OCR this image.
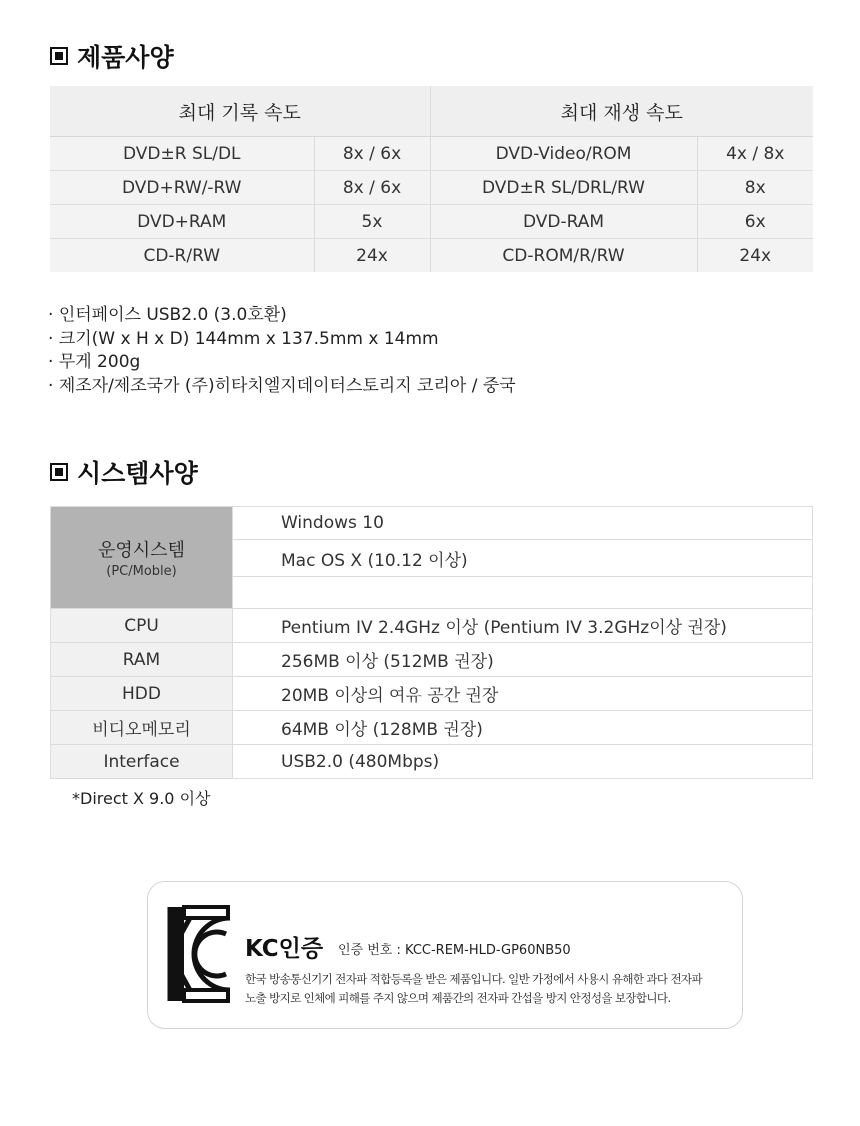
제품사양
최대 기록 속도		최대 재생 속도	
DVD±R SL/DL	8x / 6x	DVD-Video/ROM	4x / 8x
DVD+RW/-RW	8x / 6x	DVD±R SL/DRL/RW	8x
DVD+RAM	5x	DVD-RAM	6x
CD-R/RW	24x	CD-ROM/R/RW	24x
· 인터페이스 USB2.0 (3.0호환)
· 크기(W x H x D) 144mm x 137.5mm x 14mm
· 무게 200g
· 제조자/제조국가 (주)히타치엘지데이터스토리지 코리아 / 중국
시스템사양
운영시스템
(PC/Moble)	Windows 10
	Mac OS X (10.12 이상)

CPU	Pentium IV 2.4GHz 이상 (Pentium IV 3.2GHz이상 권장)
RAM	256MB 이상 (512MB 권장)
HDD	20MB 이상의 여유 공간 권장
비디오메모리	64MB 이상 (128MB 권장)
Interface	USB2.0 (480Mbps)
*Direct X 9.0 이상
KC인증 인증 번호 : KCC-REM-HLD-GP60NB50
한국 방송통신기기 전자파 적합등록을 받은 제품입니다. 일반 가정에서 사용시 유해한 과다 전자파
노출 방지로 인체에 피해를 주지 않으며 제품간의 전자파 간섭을 방지 안정성을 보장합니다.
